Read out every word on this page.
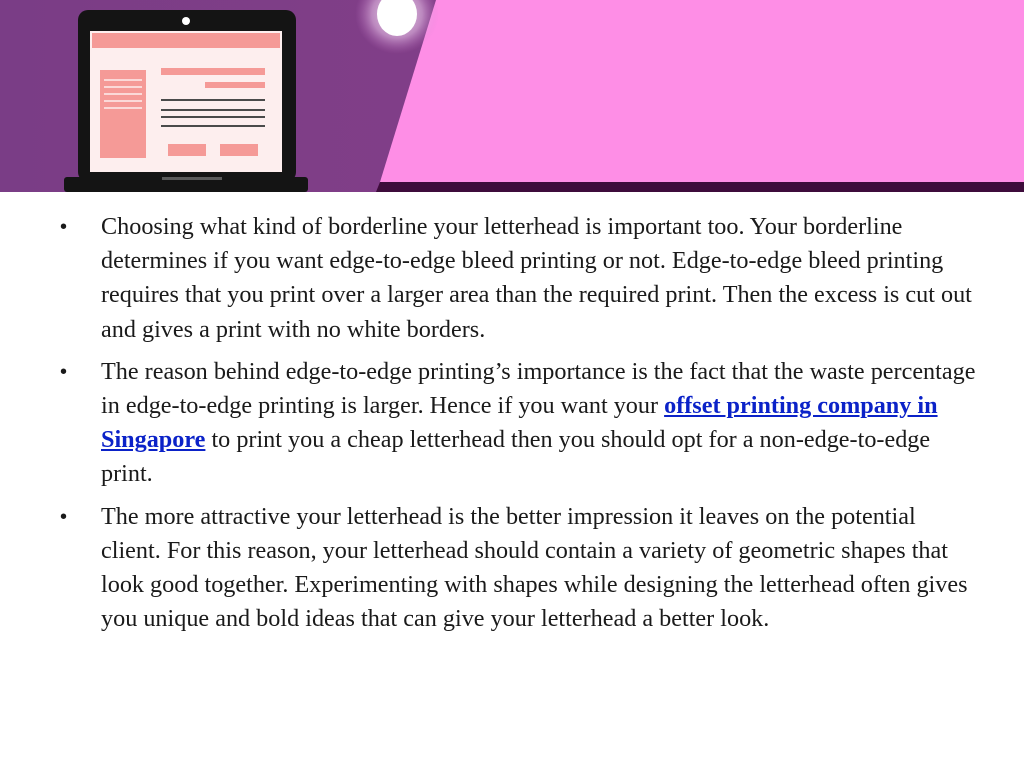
• Choosing what kind of borderline your letterhead is important too. Your borderline determines if you want edge-to-edge bleed printing or not. Edge-to-edge bleed printing requires that you print over a larger area than the required print. Then the excess is cut out and gives a print with no white borders.
• The reason behind edge-to-edge printing’s importance is the fact that the waste percentage in edge-to-edge printing is larger. Hence if you want your offset printing company in Singapore to print you a cheap letterhead then you should opt for a non-edge-to-edge print.
• The more attractive your letterhead is the better impression it leaves on the potential client. For this reason, your letterhead should contain a variety of geometric shapes that look good together. Experimenting with shapes while designing the letterhead often gives you unique and bold ideas that can give your letterhead a better look.
